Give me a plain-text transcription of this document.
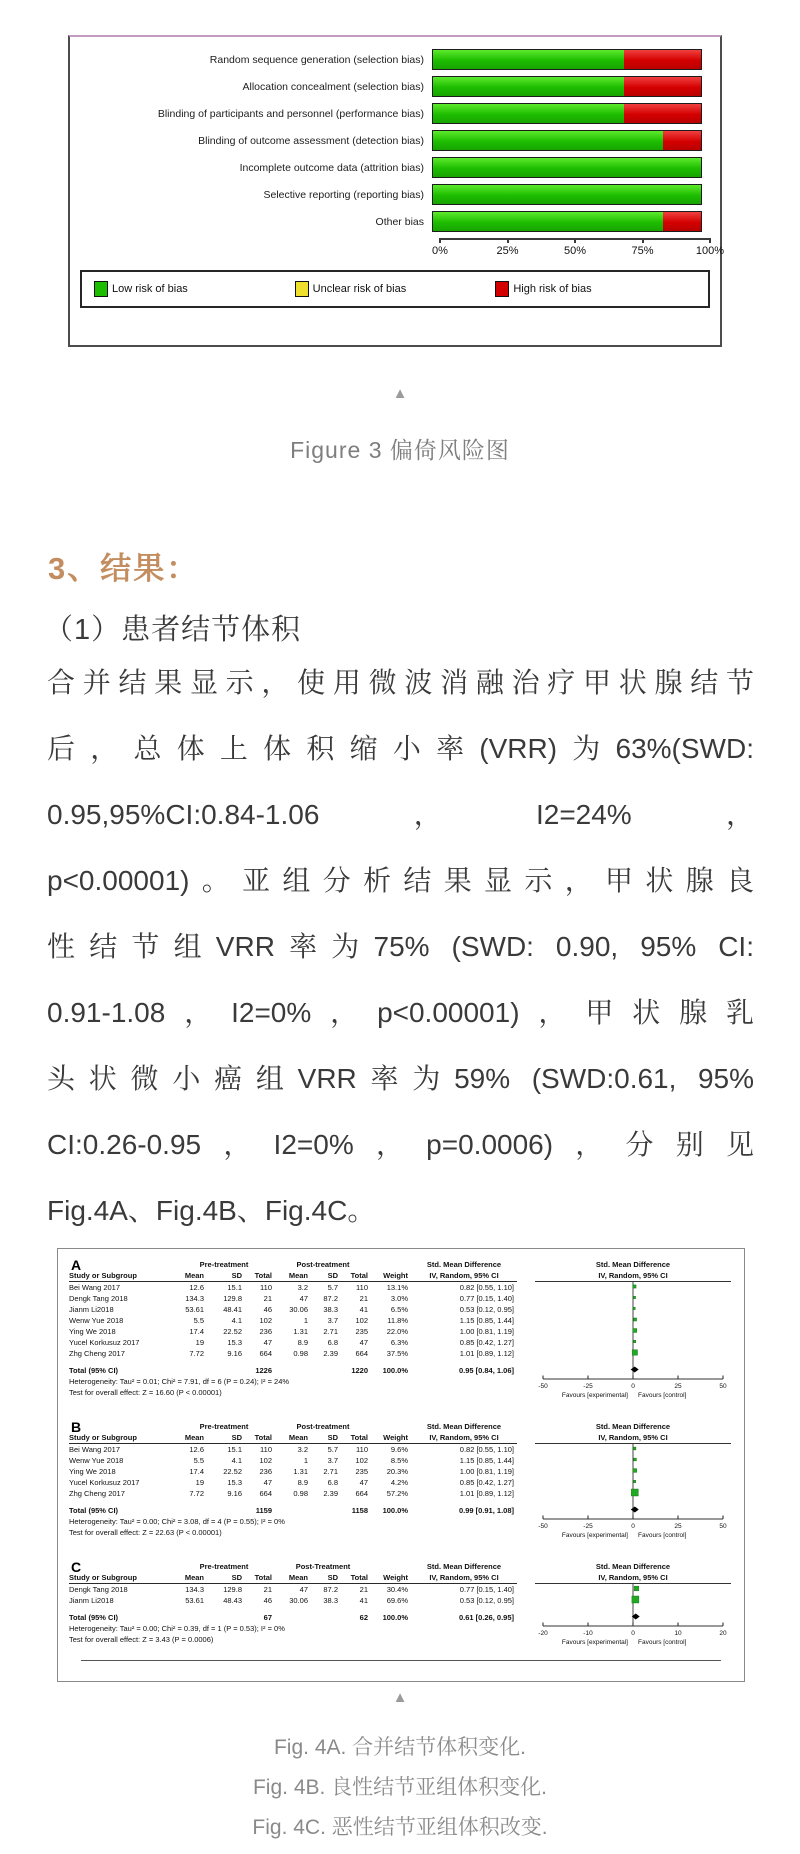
Random sequence generation (selection bias)
Allocation concealment (selection bias)
Blinding of participants and personnel (performance bias)
Blinding of outcome assessment (detection bias)
Incomplete outcome data (attrition bias)
Selective reporting (reporting bias)
Other bias
0%	25%	50%	75%	100%
Low risk of bias	Unclear risk of bias	High risk of bias
▲
Figure 3 偏倚风险图
3、结果：
（1）患者结节体积
合并结果显示，使用微波消融治疗甲状腺结节
后，总体上体积缩小率(VRR)为63%(SWD:
0.95,95%CI:0.84-1.06，I2=24%，
p<0.00001)。亚组分析结果显示，甲状腺良
性结节组VRR率为75% (SWD: 0.90, 95% CI:
0.91-1.08，I2=0%，p<0.00001)，甲状腺乳
头状微小癌组VRR率为59% (SWD:0.61, 95%
CI:0.26-0.95，I2=0%，p=0.0006)，分别见
Fig.4A、Fig.4B、Fig.4C。
A	Pre-treatment	Post-treatment	Std. Mean Difference
Study or Subgroup	Mean	SD	Total	Mean	SD	Total	Weight	IV, Random, 95% CI
Bei Wang 2017	12.6	15.1	110	3.2	5.7	110	13.1%	0.82 [0.55, 1.10]
Dengk Tang 2018	134.3	129.8	21	47	87.2	21	3.0%	0.77 [0.15, 1.40]
Jianm Li2018	53.61	48.41	46	30.06	38.3	41	6.5%	0.53 [0.12, 0.95]
Wenw Yue 2018	5.5	4.1	102	1	3.7	102	11.8%	1.15 [0.85, 1.44]
Ying We 2018	17.4	22.52	236	1.31	2.71	235	22.0%	1.00 [0.81, 1.19]
Yucel Korkusuz 2017	19	15.3	47	8.9	6.8	47	6.3%	0.85 [0.42, 1.27]
Zhg Cheng 2017	7.72	9.16	664	0.98	2.39	664	37.5%	1.01 [0.89, 1.12]
Total (95% CI)	1226	1220	100.0%	0.95 [0.84, 1.06]
Heterogeneity: Tau² = 0.01; Chi² = 7.91, df = 6 (P = 0.24); I² = 24%
Test for overall effect: Z = 16.60 (P < 0.00001)
Std. Mean Difference
IV, Random, 95% CI
-50	-25	0	25	50
Favours [experimental] Favours [control]
B	Pre-treatment	Post-treatment	Std. Mean Difference
Study or Subgroup	Mean	SD	Total	Mean	SD	Total	Weight	IV, Random, 95% CI
Bei Wang 2017	12.6	15.1	110	3.2	5.7	110	9.6%	0.82 [0.55, 1.10]
Wenw Yue 2018	5.5	4.1	102	1	3.7	102	8.5%	1.15 [0.85, 1.44]
Ying We 2018	17.4	22.52	236	1.31	2.71	235	20.3%	1.00 [0.81, 1.19]
Yucel Korkusuz 2017	19	15.3	47	8.9	6.8	47	4.2%	0.85 [0.42, 1.27]
Zhg Cheng 2017	7.72	9.16	664	0.98	2.39	664	57.2%	1.01 [0.89, 1.12]
Total (95% CI)	1159	1158	100.0%	0.99 [0.91, 1.08]
Heterogeneity: Tau² = 0.00; Chi² = 3.08, df = 4 (P = 0.55); I² = 0%
Test for overall effect: Z = 22.63 (P < 0.00001)
Std. Mean Difference
IV, Random, 95% CI
-50	-25	0	25	50
Favours [experimental] Favours [control]
C	Pre-treatment	Post-Treatment	Std. Mean Difference
Study or Subgroup	Mean	SD	Total	Mean	SD	Total	Weight	IV, Random, 95% CI
Dengk Tang 2018	134.3	129.8	21	47	87.2	21	30.4%	0.77 [0.15, 1.40]
Jianm Li2018	53.61	48.43	46	30.06	38.3	41	69.6%	0.53 [0.12, 0.95]
Total (95% CI)	67	62	100.0%	0.61 [0.26, 0.95]
Heterogeneity: Tau² = 0.00; Chi² = 0.39, df = 1 (P = 0.53); I² = 0%
Test for overall effect: Z = 3.43 (P = 0.0006)
Std. Mean Difference
IV, Random, 95% CI
-20	-10	0	10	20
Favours [experimental] Favours [control]
▲
Fig. 4A. 合并结节体积变化.
Fig. 4B. 良性结节亚组体积变化.
Fig. 4C. 恶性结节亚组体积改变.
